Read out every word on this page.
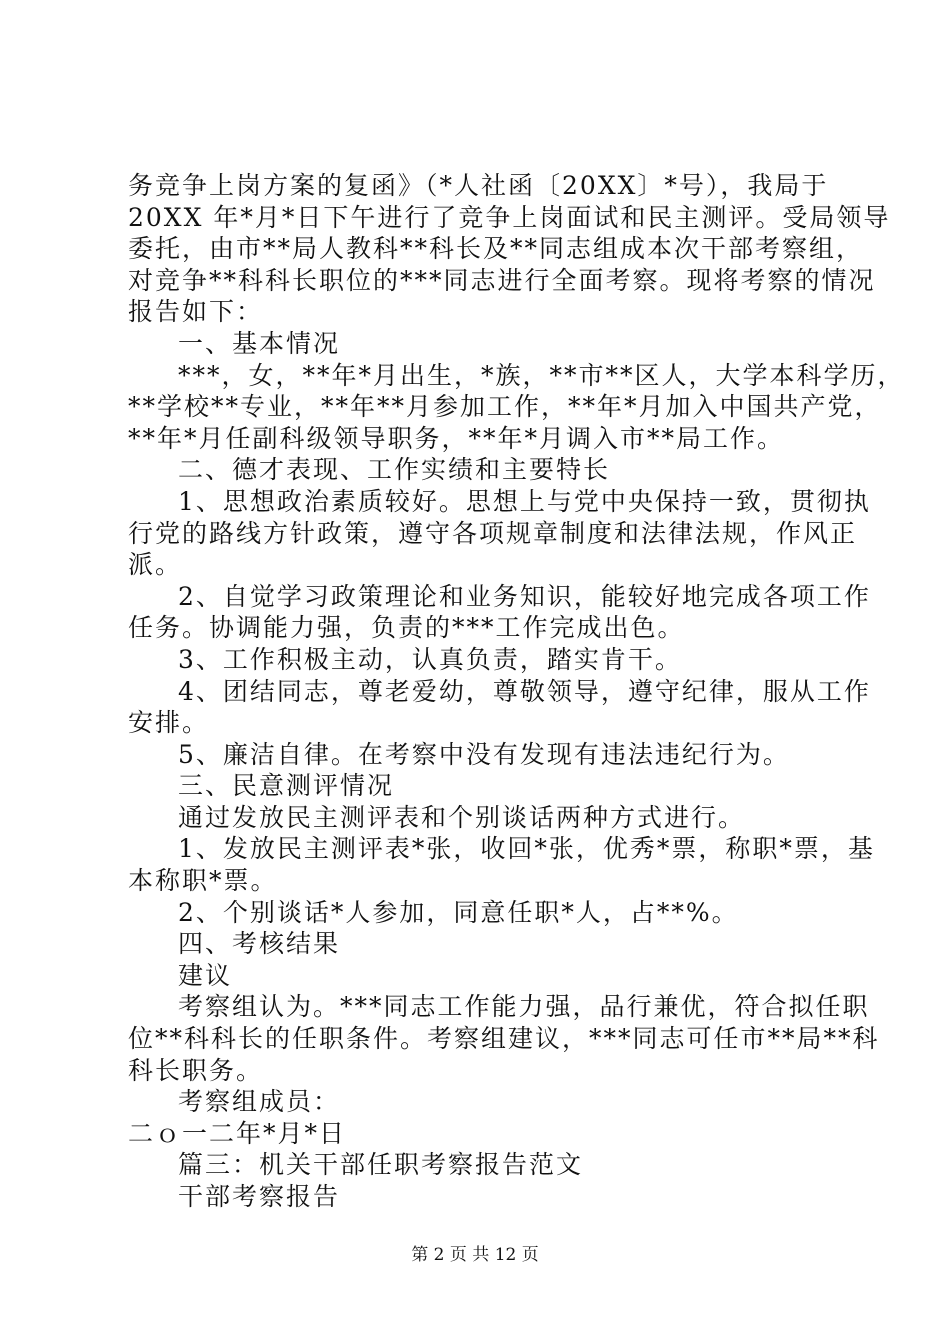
务竞争上岗方案的复函》（*人社函〔20XX〕*号），我局于
20XX 年*月*日下午进行了竞争上岗面试和民主测评。受局领导
委托，由市**局人教科**科长及**同志组成本次干部考察组，
对竞争**科科长职位的***同志进行全面考察。现将考察的情况
报告如下：
一、基本情况
***，女，**年*月出生，*族，**市**区人，大学本科学历，
**学校**专业，**年**月参加工作，**年*月加入中国共产党，
**年*月任副科级领导职务，**年*月调入市**局工作。
二、德才表现、工作实绩和主要特长
1、思想政治素质较好。思想上与党中央保持一致，贯彻执
行党的路线方针政策，遵守各项规章制度和法律法规，作风正
派。
2、自觉学习政策理论和业务知识，能较好地完成各项工作
任务。协调能力强，负责的***工作完成出色。
3、工作积极主动，认真负责，踏实肯干。
4、团结同志，尊老爱幼，尊敬领导，遵守纪律，服从工作
安排。
5、廉洁自律。在考察中没有发现有违法违纪行为。
三、民意测评情况
通过发放民主测评表和个别谈话两种方式进行。
1、发放民主测评表*张，收回*张，优秀*票，称职*票，基
本称职*票。
2、个别谈话*人参加，同意任职*人，占**%。
四、考核结果
建议
考察组认为。***同志工作能力强，品行兼优，符合拟任职
位**科科长的任职条件。考察组建议，***同志可任市**局**科
科长职务。
考察组成员：
二ｏ一二年*月*日
篇三：机关干部任职考察报告范文
干部考察报告
第 2 页 共 12 页
